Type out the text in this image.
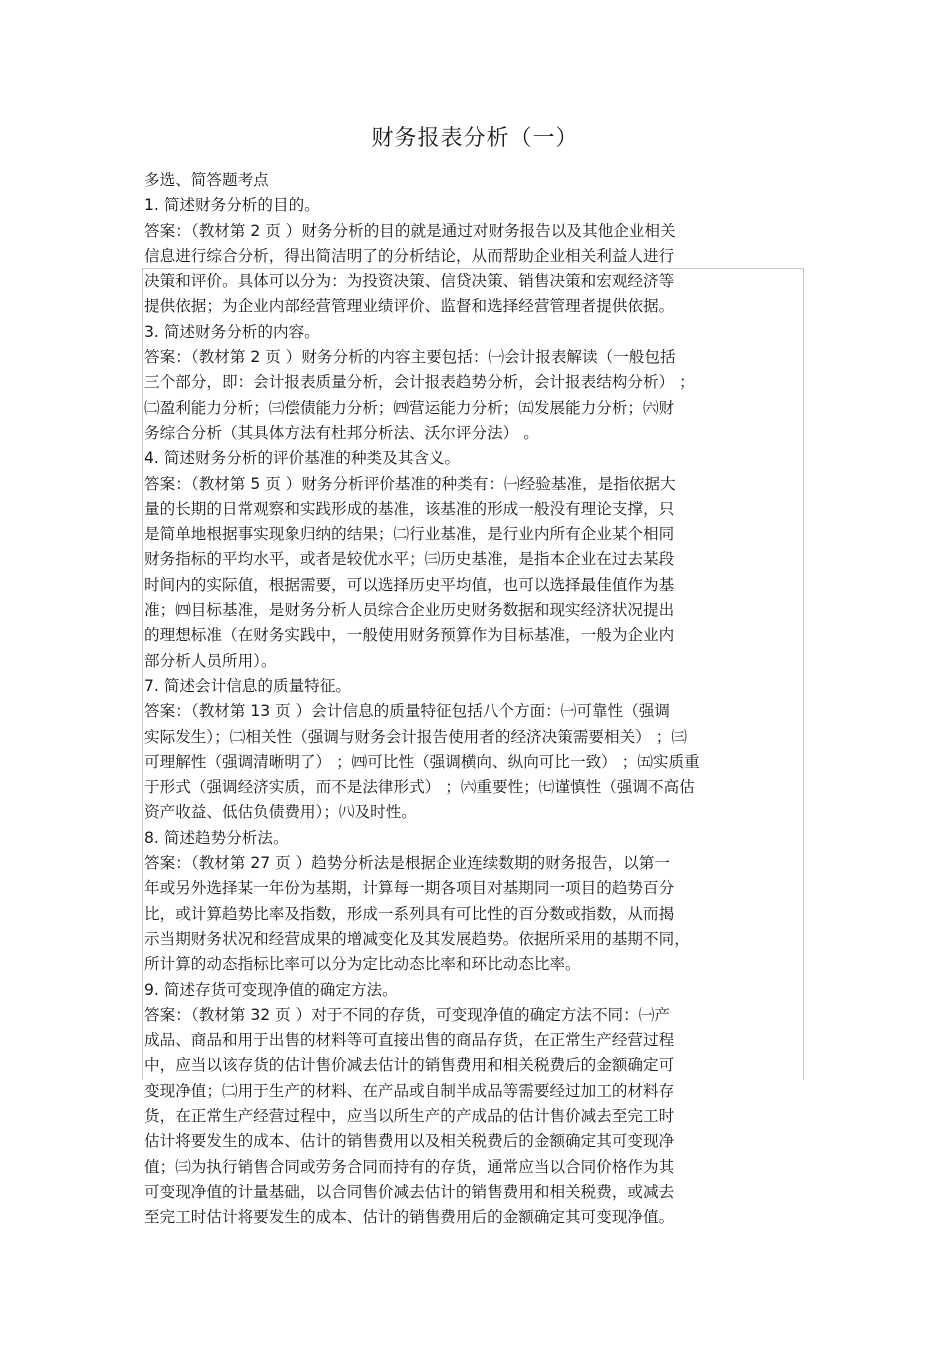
财务报表分析（一）
多选、简答题考点
1. 简述财务分析的目的。
答案：（教材第 2 页 ）财务分析的目的就是通过对财务报告以及其他企业相关
信息进行综合分析，得出简洁明了的分析结论，从而帮助企业相关利益人进行
决策和评价。具体可以分为：为投资决策、信贷决策、销售决策和宏观经济等
提供依据；为企业内部经营管理业绩评价、监督和选择经营管理者提供依据。
3. 简述财务分析的内容。
答案：（教材第 2 页 ）财务分析的内容主要包括：㈠会计报表解读（一般包括
三个部分，即：会计报表质量分析，会计报表趋势分析，会计报表结构分析） ；
㈡盈利能力分析；㈢偿债能力分析；㈣营运能力分析；㈤发展能力分析；㈥财
务综合分析（其具体方法有杜邦分析法、沃尔评分法） 。
4. 简述财务分析的评价基准的种类及其含义。
答案：（教材第 5 页 ）财务分析评价基准的种类有：㈠经验基准，是指依据大
量的长期的日常观察和实践形成的基准，该基准的形成一般没有理论支撑，只
是简单地根据事实现象归纳的结果；㈡行业基准，是行业内所有企业某个相同
财务指标的平均水平，或者是较优水平；㈢历史基准，是指本企业在过去某段
时间内的实际值，根据需要，可以选择历史平均值，也可以选择最佳值作为基
准；㈣目标基准，是财务分析人员综合企业历史财务数据和现实经济状况提出
的理想标准（在财务实践中，一般使用财务预算作为目标基准，一般为企业内
部分析人员所用）。
7. 简述会计信息的质量特征。
答案：（教材第 13 页 ）会计信息的质量特征包括八个方面：㈠可靠性（强调
实际发生）；㈡相关性（强调与财务会计报告使用者的经济决策需要相关） ；㈢
可理解性（强调清晰明了） ；㈣可比性（强调横向、纵向可比一致） ；㈤实质重
于形式（强调经济实质，而不是法律形式） ；㈥重要性；㈦谨慎性（强调不高估
资产收益、低估负债费用）；㈧及时性。
8. 简述趋势分析法。
答案：（教材第 27 页 ）趋势分析法是根据企业连续数期的财务报告，以第一
年或另外选择某一年份为基期，计算每一期各项目对基期同一项目的趋势百分
比，或计算趋势比率及指数，形成一系列具有可比性的百分数或指数，从而揭
示当期财务状况和经营成果的增减变化及其发展趋势。依据所采用的基期不同，
所计算的动态指标比率可以分为定比动态比率和环比动态比率。
9. 简述存货可变现净值的确定方法。
答案：（教材第 32 页 ）对于不同的存货，可变现净值的确定方法不同：㈠产
成品、商品和用于出售的材料等可直接出售的商品存货，在正常生产经营过程
中，应当以该存货的估计售价减去估计的销售费用和相关税费后的金额确定可
变现净值；㈡用于生产的材料、在产品或自制半成品等需要经过加工的材料存
货，在正常生产经营过程中，应当以所生产的产成品的估计售价减去至完工时
估计将要发生的成本、估计的销售费用以及相关税费后的金额确定其可变现净
值；㈢为执行销售合同或劳务合同而持有的存货，通常应当以合同价格作为其
可变现净值的计量基础，以合同售价减去估计的销售费用和相关税费，或减去
至完工时估计将要发生的成本、估计的销售费用后的金额确定其可变现净值。
